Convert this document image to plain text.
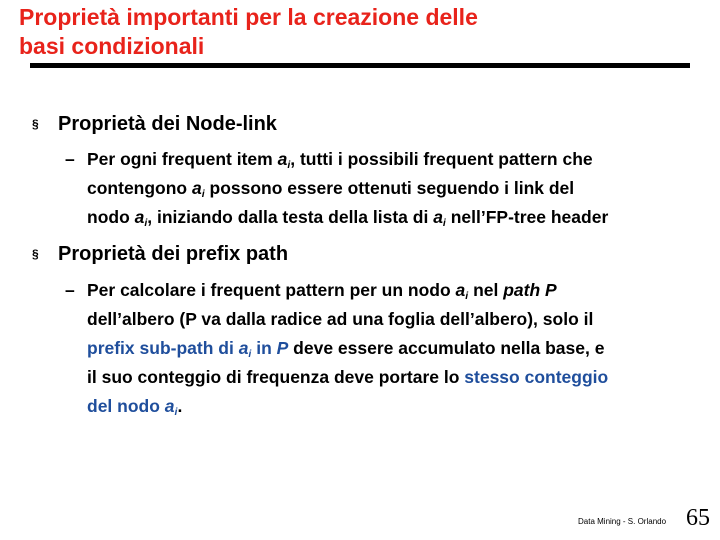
Proprietà importanti per la creazione delle
basi condizionali
§ Proprietà dei Node-link
– Per ogni frequent item $a_i$, tutti i possibili frequent pattern che
contengono $a_i$ possono essere ottenuti seguendo i link del
nodo $a_i$, iniziando dalla testa della lista di $a_i$ nell’FP-tree header
§ Proprietà dei prefix path
– Per calcolare i frequent pattern per un nodo $a_i$ nel path P
dell’albero (P va dalla radice ad una foglia dell’albero), solo il
prefix sub-path di $a_i$ in P deve essere accumulato nella base, e
il suo conteggio di frequenza deve portare lo stesso conteggio
del nodo $a_i$.
Data Mining - S. Orlando 65
